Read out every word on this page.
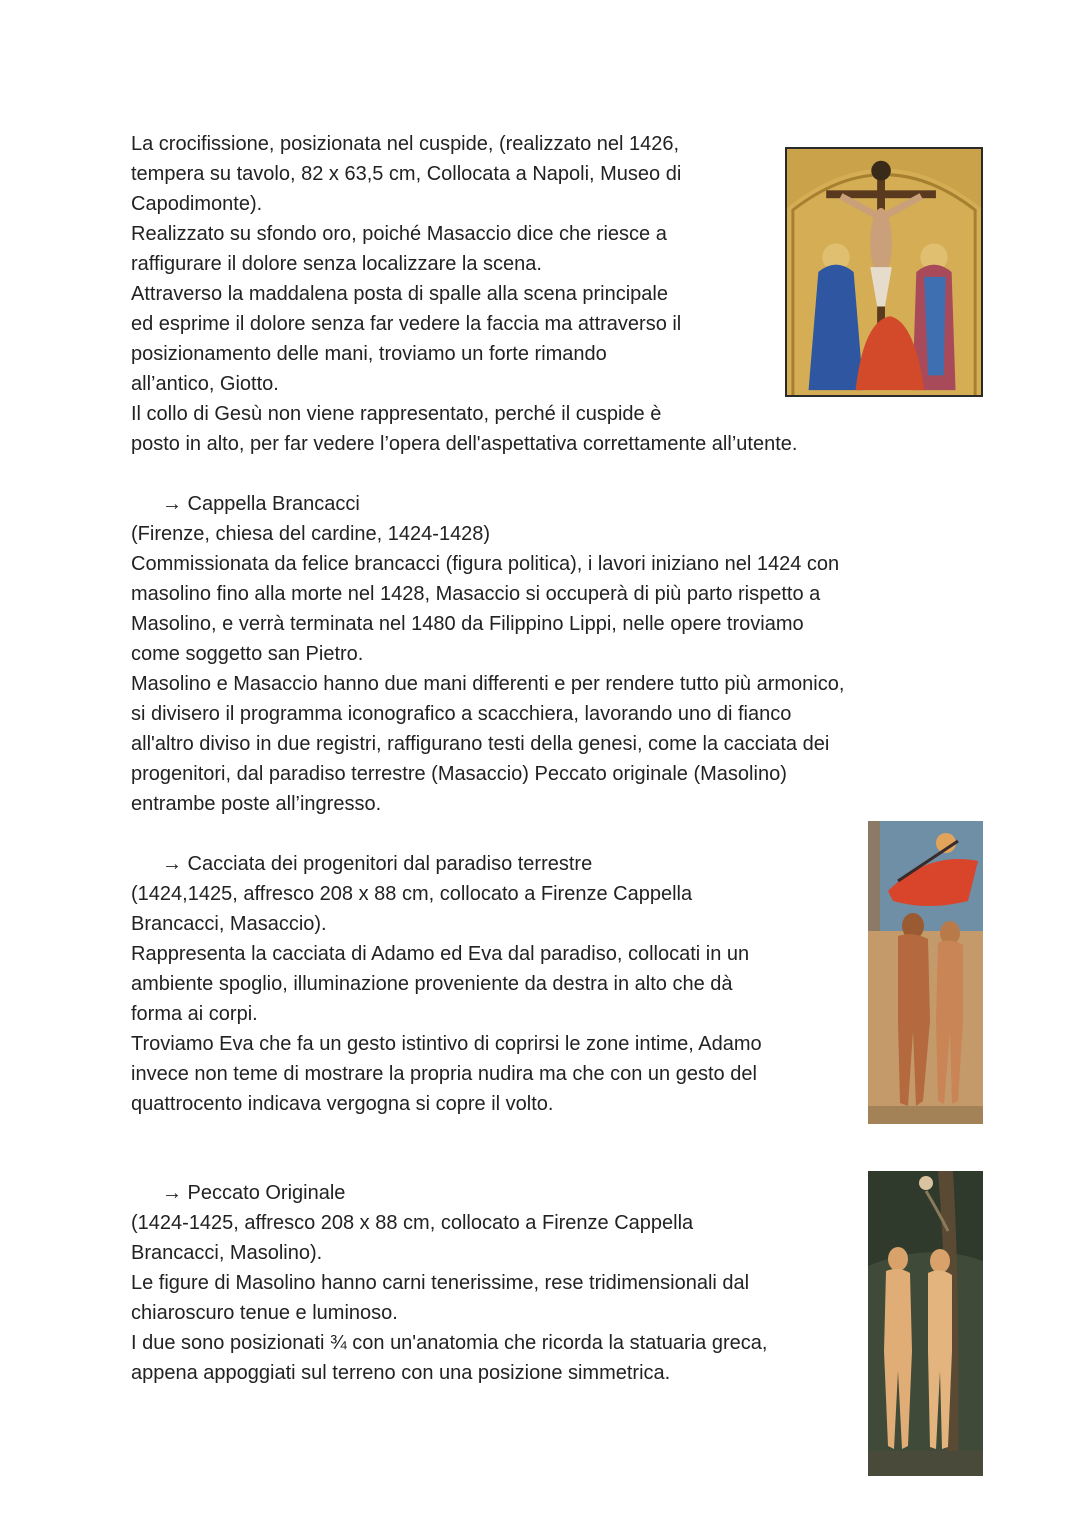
La crocifissione, posizionata nel cuspide, (realizzato nel 1426,
tempera su tavolo, 82 x 63,5 cm, Collocata a Napoli, Museo di
Capodimonte).
Realizzato su sfondo oro, poiché Masaccio dice che riesce a
raffigurare il dolore senza localizzare la scena.
Attraverso la maddalena posta di spalle alla scena principale
ed esprime il dolore senza far vedere la faccia ma attraverso il
posizionamento delle mani, troviamo un forte rimando
all’antico, Giotto.
Il collo di Gesù non viene rappresentato, perché il cuspide è
posto in alto, per far vedere l’opera dell'aspettativa correttamente all’utente.
→ Cappella Brancacci
(Firenze, chiesa del cardine, 1424-1428)
Commissionata da felice brancacci (figura politica), i lavori iniziano nel 1424 con
masolino fino alla morte nel 1428, Masaccio si occuperà di più parto rispetto a
Masolino, e verrà terminata nel 1480 da Filippino Lippi, nelle opere troviamo
come soggetto san Pietro.
Masolino e Masaccio hanno due mani differenti e per rendere tutto più armonico,
si divisero il programma iconografico a scacchiera, lavorando uno di fianco
all'altro diviso in due registri, raffigurano testi della genesi, come la cacciata dei
progenitori, dal paradiso terrestre (Masaccio) Peccato originale (Masolino)
entrambe poste all’ingresso.
→ Cacciata dei progenitori dal paradiso terrestre
(1424,1425, affresco 208 x 88 cm, collocato a Firenze Cappella
Brancacci, Masaccio).
Rappresenta la cacciata di Adamo ed Eva dal paradiso, collocati in un
ambiente spoglio, illuminazione proveniente da destra in alto che dà
forma ai corpi.
Troviamo Eva che fa un gesto istintivo di coprirsi le zone intime, Adamo
invece non teme di mostrare la propria nudira ma che con un gesto del
quattrocento indicava vergogna si copre il volto.
→ Peccato Originale
(1424-1425, affresco 208 x 88 cm, collocato a Firenze Cappella
Brancacci, Masolino).
Le figure di Masolino hanno carni tenerissime, rese tridimensionali dal
chiaroscuro tenue e luminoso.
I due sono posizionati ¾ con un'anatomia che ricorda la statuaria greca,
appena appoggiati sul terreno con una posizione simmetrica.
